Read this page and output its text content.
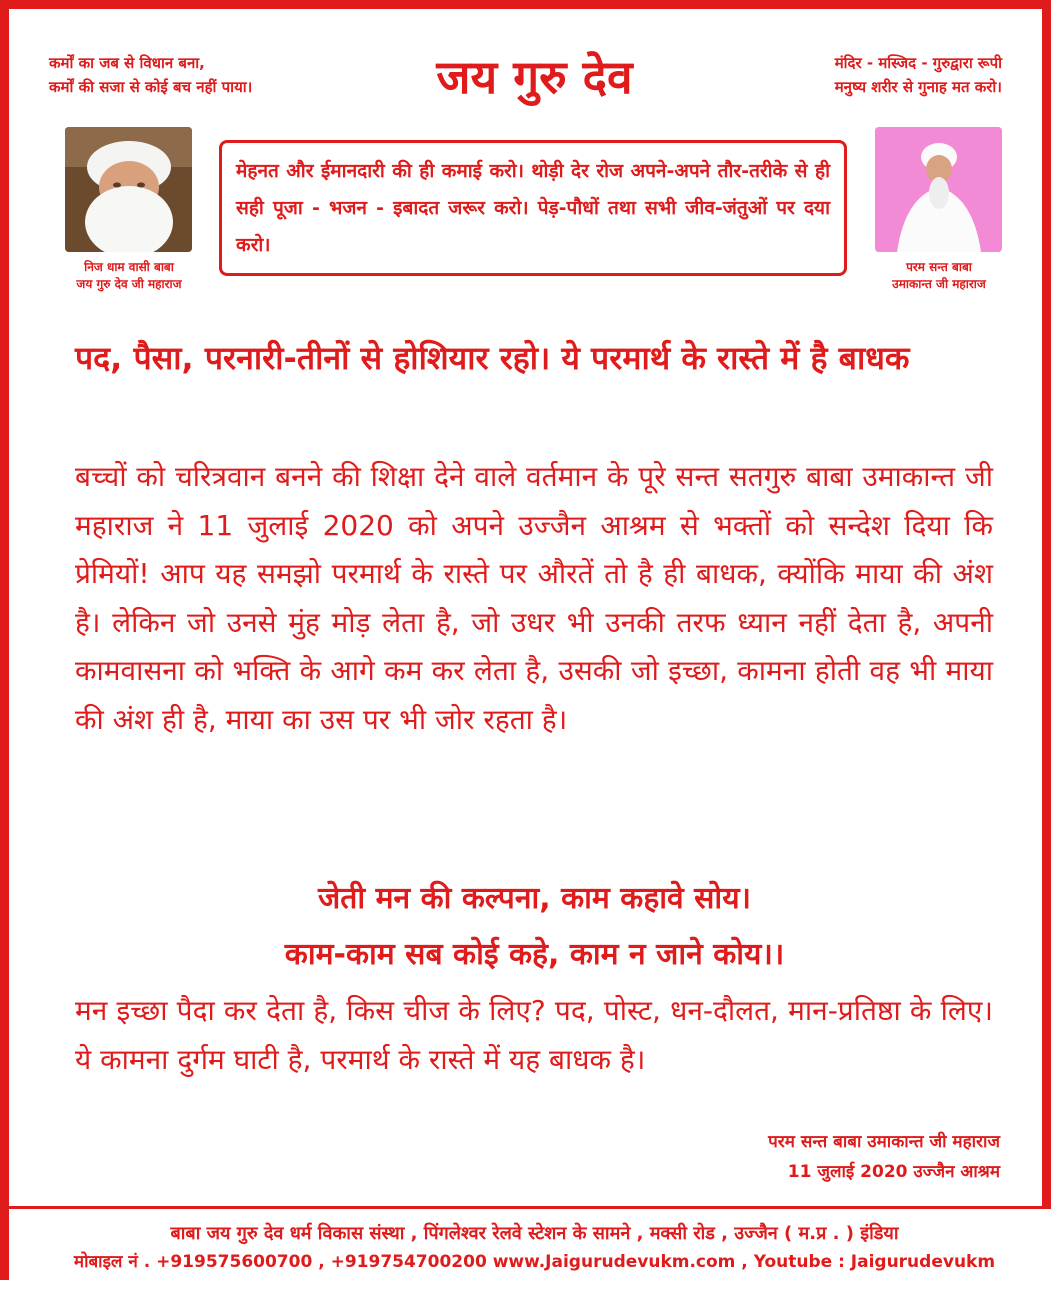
कर्मों का जब से विधान बना,
कर्मों की सजा से कोई बच नहीं पाया।	जय गुरु देव	मंदिर - मस्जिद - गुरुद्वारा रूपी
मनुष्य शरीर से गुनाह मत करो।
निज धाम वासी बाबा
जय गुरु देव जी महाराज
मेहनत और ईमानदारी की ही कमाई करो। थोड़ी देर रोज अपने-अपने तौर-तरीके से ही सही पूजा - भजन - इबादत जरूर करो। पेड़-पौधों तथा सभी जीव-जंतुओं पर दया करो।
परम सन्त बाबा
उमाकान्त जी महाराज
पद, पैसा, परनारी-तीनों से होशियार रहो। ये परमार्थ के रास्ते में है बाधक
बच्चों को चरित्रवान बनने की शिक्षा देने वाले वर्तमान के पूरे सन्त सतगुरु बाबा उमाकान्त जी महाराज ने 11 जुलाई 2020 को अपने उज्जैन आश्रम से भक्तों को सन्देश दिया कि प्रेमियों! आप यह समझो परमार्थ के रास्ते पर औरतें तो है ही बाधक, क्योंकि माया की अंश है। लेकिन जो उनसे मुंह मोड़ लेता है, जो उधर भी उनकी तरफ ध्यान नहीं देता है, अपनी कामवासना को भक्ति के आगे कम कर लेता है, उसकी जो इच्छा, कामना होती वह भी माया की अंश ही है, माया का उस पर भी जोर रहता है।
जेती मन की कल्पना, काम कहावे सोय।
काम-काम सब कोई कहे, काम न जाने कोय।।
मन इच्छा पैदा कर देता है, किस चीज के लिए? पद, पोस्ट, धन-दौलत, मान-प्रतिष्ठा के लिए। ये कामना दुर्गम घाटी है, परमार्थ के रास्ते में यह बाधक है।
परम सन्त बाबा उमाकान्त जी महाराज
11 जुलाई 2020 उज्जैन आश्रम
बाबा जय गुरु देव धर्म विकास संस्था , पिंगलेश्वर रेलवे स्टेशन के सामने , मक्सी रोड , उज्जैन ( म.प्र . ) इंडिया
मोबाइल नं . +919575600700 , +919754700200 www.Jaigurudevukm.com , Youtube : Jaigurudevukm
